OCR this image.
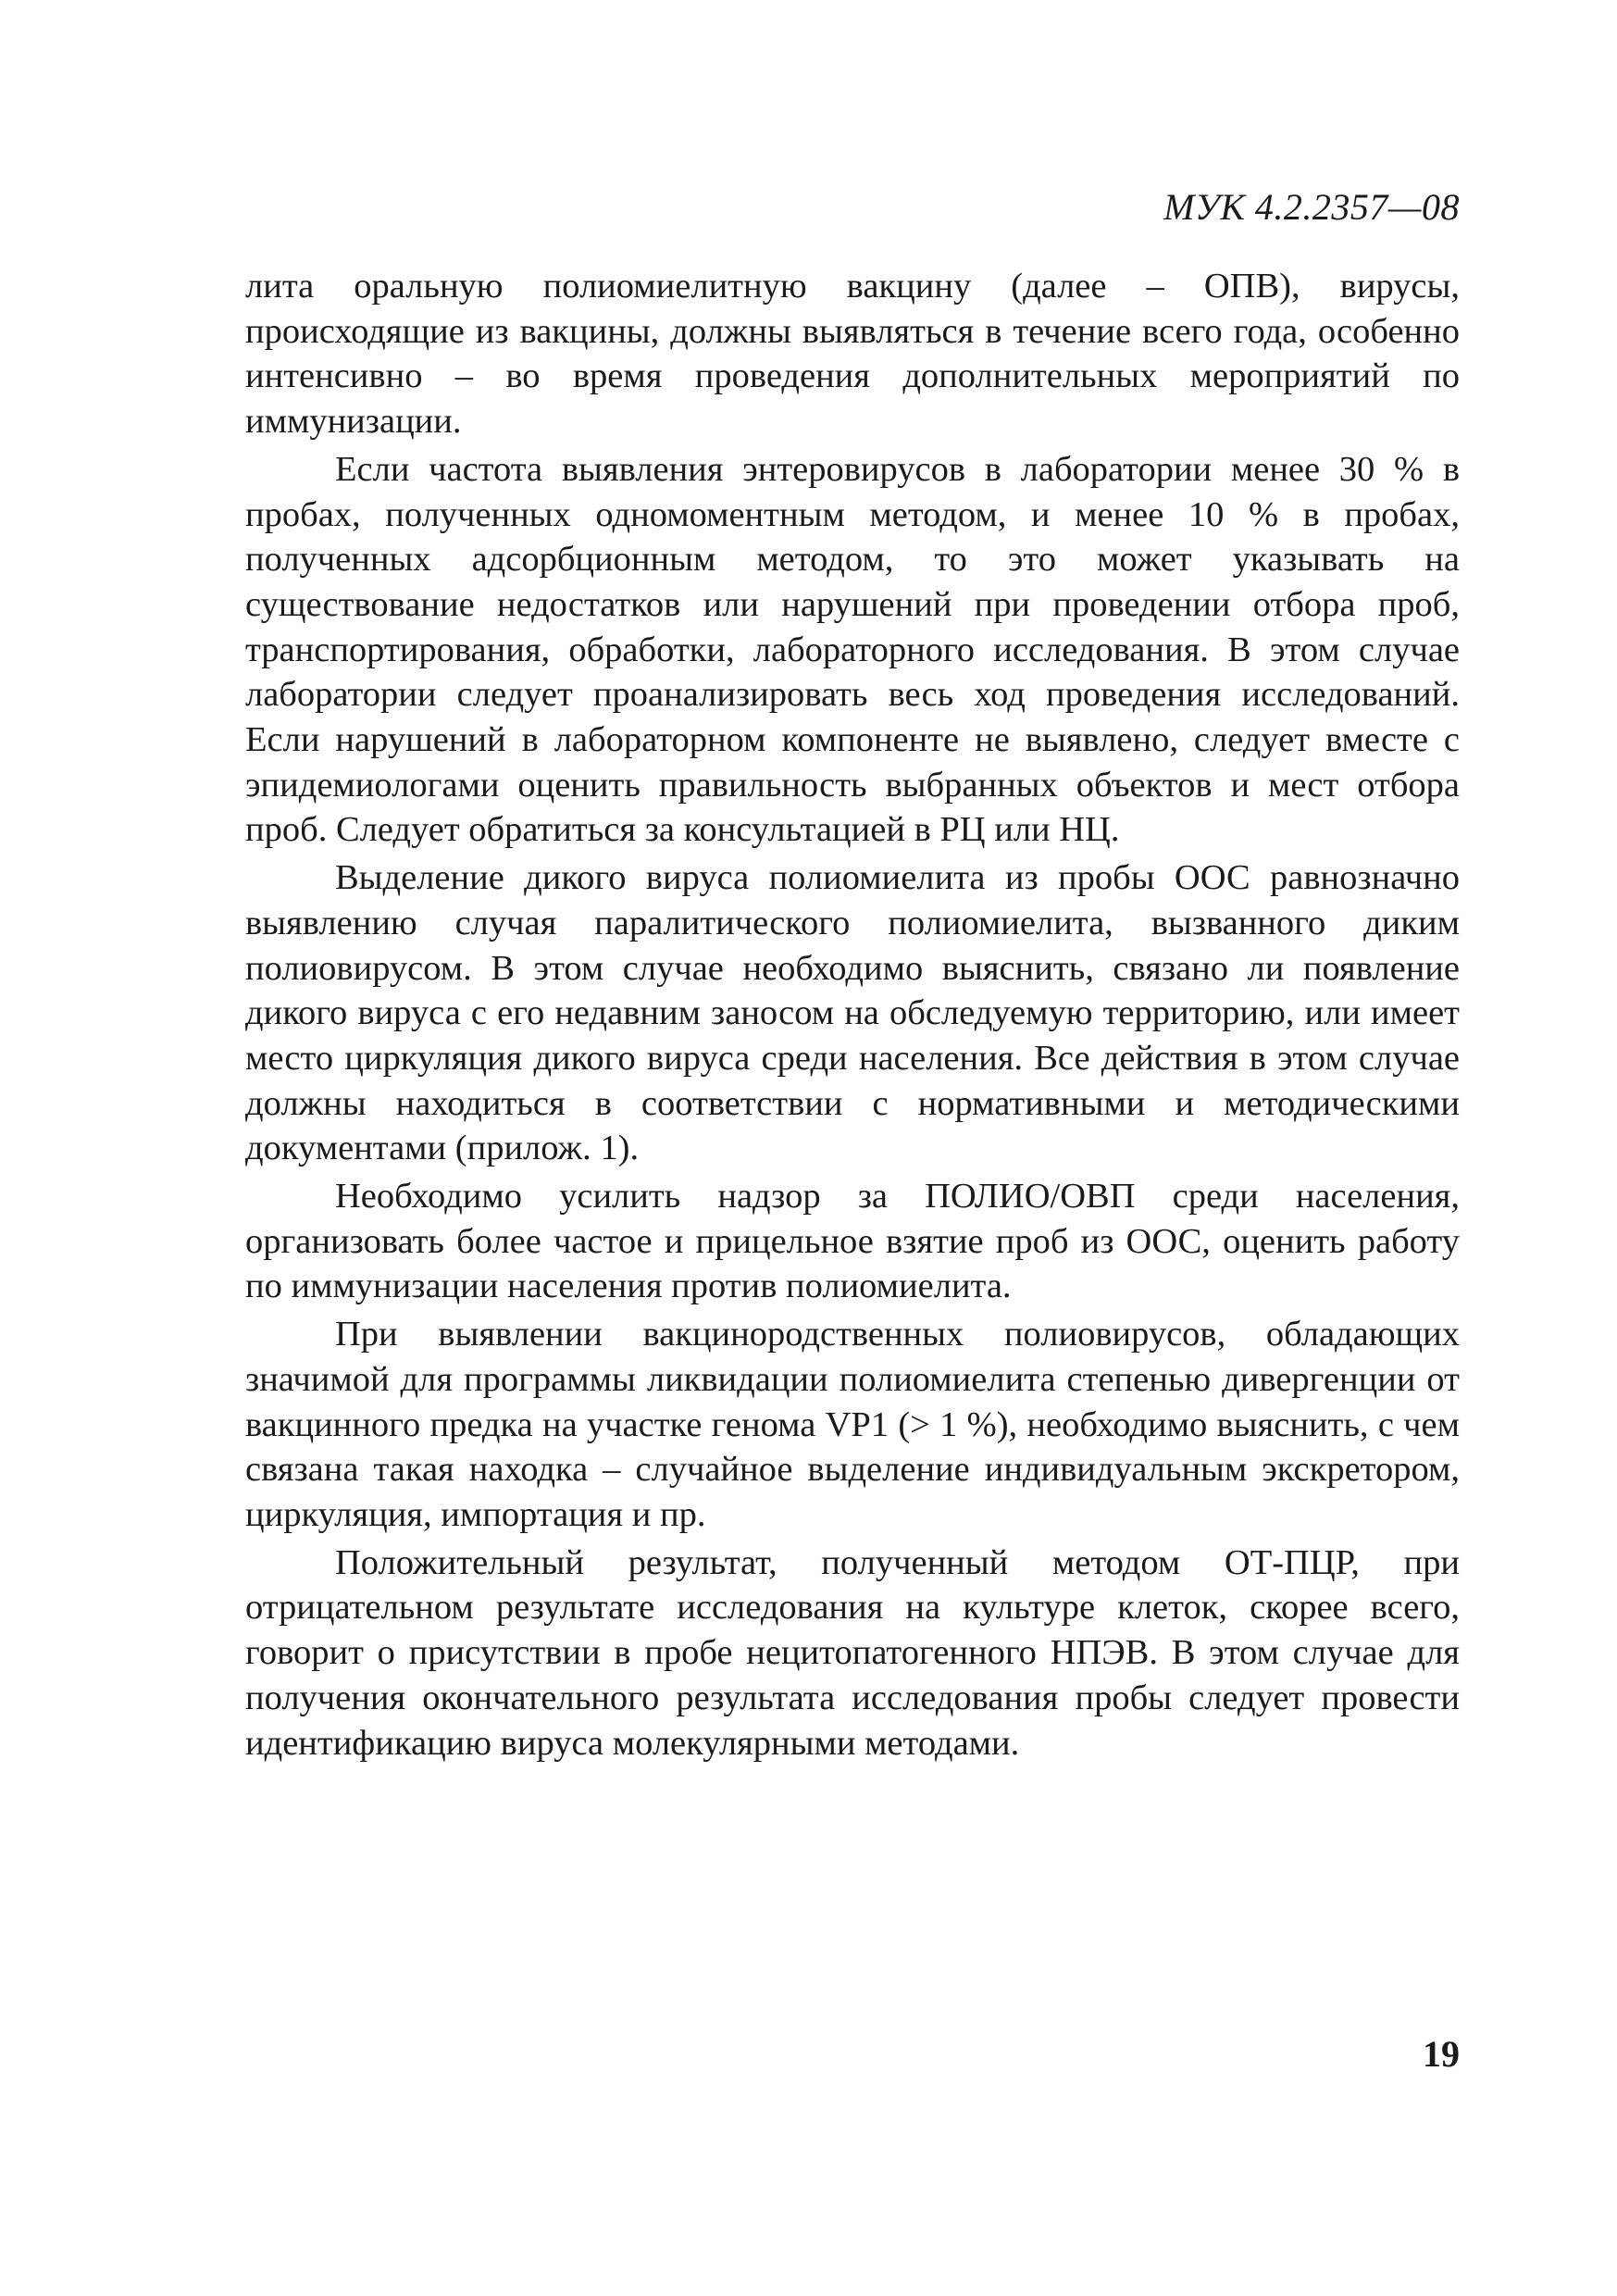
МУК 4.2.2357—08

лита оральную полиомиелитную вакцину (далее – ОПВ), вирусы, происходящие из вакцины, должны выявляться в течение всего года, особенно интенсивно – во время проведения дополнительных мероприятий по иммунизации.

Если частота выявления энтеровирусов в лаборатории менее 30 % в пробах, полученных одномоментным методом, и менее 10 % в пробах, полученных адсорбционным методом, то это может указывать на существование недостатков или нарушений при проведении отбора проб, транспортирования, обработки, лабораторного исследования. В этом случае лаборатории следует проанализировать весь ход проведения исследований. Если нарушений в лабораторном компоненте не выявлено, следует вместе с эпидемиологами оценить правильность выбранных объектов и мест отбора проб. Следует обратиться за консультацией в РЦ или НЦ.

Выделение дикого вируса полиомиелита из пробы ООС равнозначно выявлению случая паралитического полиомиелита, вызванного диким полиовирусом. В этом случае необходимо выяснить, связано ли появление дикого вируса с его недавним заносом на обследуемую территорию, или имеет место циркуляция дикого вируса среди населения. Все действия в этом случае должны находиться в соответствии с нормативными и методическими документами (прилож. 1).

Необходимо усилить надзор за ПОЛИО/ОВП среди населения, организовать более частое и прицельное взятие проб из ООС, оценить работу по иммунизации населения против полиомиелита.

При выявлении вакцинородственных полиовирусов, обладающих значимой для программы ликвидации полиомиелита степенью дивергенции от вакцинного предка на участке генома VP1 (> 1 %), необходимо выяснить, с чем связана такая находка – случайное выделение индивидуальным экскретором, циркуляция, импортация и пр.

Положительный результат, полученный методом ОТ-ПЦР, при отрицательном результате исследования на культуре клеток, скорее всего, говорит о присутствии в пробе нецитопатогенного НПЭВ. В этом случае для получения окончательного результата исследования пробы следует провести идентификацию вируса молекулярными методами.

19
